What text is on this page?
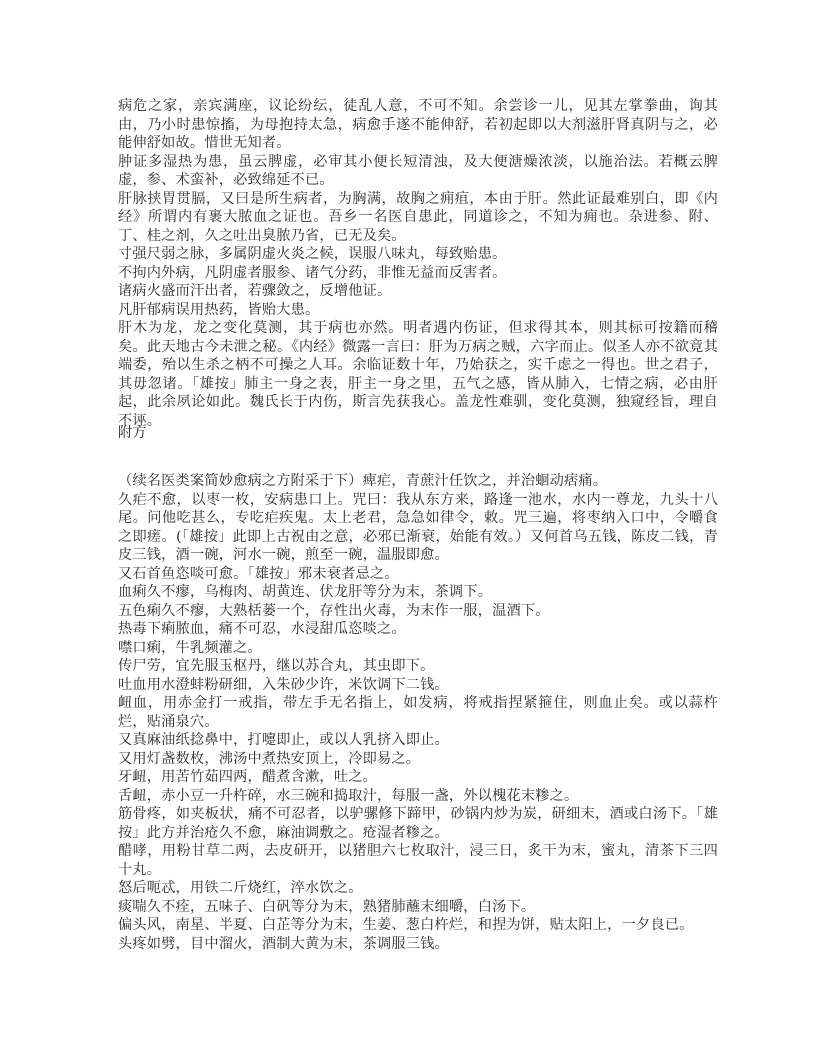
病危之家，亲宾满座，议论纷纭，徒乱人意，不可不知。余尝诊一儿，见其左掌拳曲，询其由，乃小时患惊搐，为母抱持太急，病愈手遂不能伸舒，若初起即以大剂滋肝肾真阴与之，必能伸舒如故。惜世无知者。

肿证多湿热为患，虽云脾虚，必审其小便长短清浊，及大便溏燥浓淡，以施治法。若概云脾虚，参、术蛮补，必致绵延不已。

肝脉挟胃贯膈，又曰是所生病者，为胸满，故胸之痈疽，本由于肝。然此证最难别白，即《内经》所谓内有裹大脓血之证也。吾乡一名医自患此，同道诊之，不知为痈也。杂进参、附、丁、桂之剂，久之吐出臭脓乃省，已无及矣。

寸强尺弱之脉，多属阴虚火炎之候，误服八味丸，每致贻患。

不拘内外病，凡阴虚者服参、诸气分药，非惟无益而反害者。

诸病火盛而汗出者，若骤敛之，反增他证。

凡肝郁病误用热药，皆贻大患。

肝木为龙，龙之变化莫测，其于病也亦然。明者遇内伤证，但求得其本，则其标可按籍而稽矣。此天地古今未泄之秘。《内经》微露一言曰：肝为万病之贼，六字而止。似圣人亦不欲竟其端委，殆以生杀之柄不可操之人耳。余临证数十年，乃始获之，实千虑之一得也。世之君子，其毋忽诸。「雄按」肺主一身之表，肝主一身之里，五气之感，皆从肺入，七情之病，必由肝起，此余夙论如此。魏氏长于内伤，斯言先获我心。盖龙性难驯，变化莫测，独窥经旨，理自不诬。

附方

（续名医类案简妙愈病之方附采于下）痺疟，青蔗汁任饮之，并治蛔动痞痛。

久疟不愈，以枣一枚，安病患口上。咒曰：我从东方来，路逢一池水，水内一尊龙，九头十八尾。问他吃甚么，专吃疟疾鬼。太上老君，急急如律令，敕。咒三遍，将枣纳入口中，令嚼食之即瘥。(「雄按」此即上古祝由之意，必邪已渐衰，始能有效。）又何首乌五钱，陈皮二钱，青皮三钱，酒一碗，河水一碗，煎至一碗，温服即愈。

又石首鱼恣啖可愈。「雄按」邪未衰者忌之。

血痢久不瘳，乌梅肉、胡黄连、伏龙肝等分为末，茶调下。

五色痢久不瘳，大熟栝蒌一个，存性出火毒，为末作一服，温酒下。

热毒下痢脓血，痛不可忍，水浸甜瓜恣啖之。

噤口痢，牛乳频灌之。

传尸劳，宜先服玉枢丹，继以苏合丸，其虫即下。

吐血用水澄蚌粉研细，入朱砂少许，米饮调下二钱。

衄血，用赤金打一戒指，带左手无名指上，如发病，将戒指捏紧箍住，则血止矣。或以蒜杵烂，贴涌泉穴。

又真麻油纸捻鼻中，打嚏即止，或以人乳挤入即止。

又用灯盏数枚，沸汤中煮热安顶上，冷即易之。

牙衄，用苦竹茹四两，醋煮含漱，吐之。

舌衄，赤小豆一升杵碎，水三碗和捣取汁，每服一盏，外以槐花末糁之。

筋骨疼，如夹板状，痛不可忍者，以驴骡修下蹄甲，砂锅内炒为炭，研细末，酒或白汤下。「雄按」此方并治疮久不愈，麻油调敷之。疮湿者糁之。

醋哮，用粉甘草二两，去皮研开，以猪胆六七枚取汁，浸三日，炙干为末，蜜丸，清茶下三四十丸。

怒后呃忒，用铁二斤烧红，淬水饮之。

痰喘久不痊，五味子、白矾等分为末，熟猪肺蘸末细嚼，白汤下。

偏头风，南星、半夏、白芷等分为末，生姜、葱白杵烂，和捏为饼，贴太阳上，一夕良已。

头疼如劈，目中溜火，酒制大黄为末，茶调服三钱。
